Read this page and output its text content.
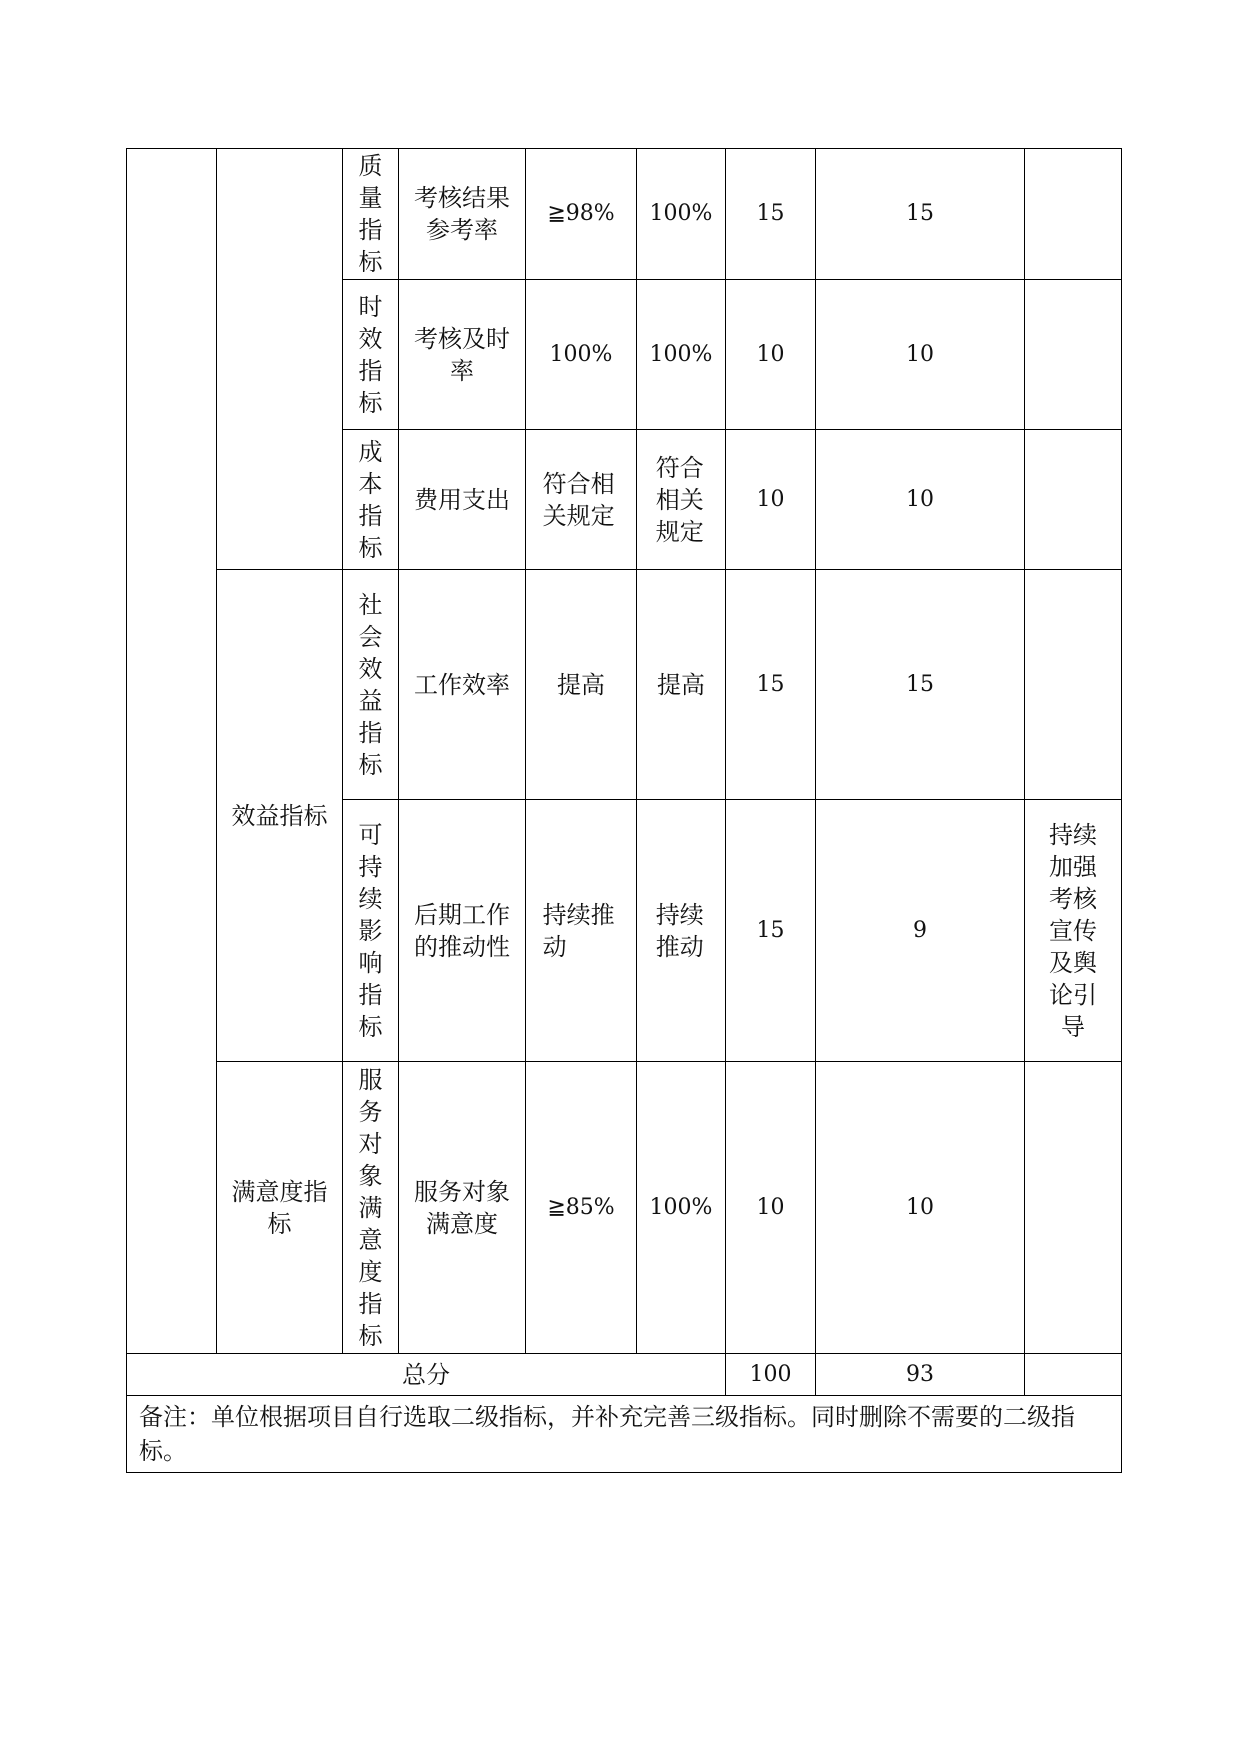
		质量指标	考核结果参考率	≧98%	100%	15	15	
		时效指标	考核及时率	100%	100%	10	10	
		成本指标	费用支出	符合相关规定	符合相关规定	10	10	
	效益指标	社会效益指标	工作效率	提高	提高	15	15	
		可持续影响指标	后期工作的推动性	持续推动	持续推动	15	9	持续加强考核宣传及舆论引导
	满意度指标	服务对象满意度指标	服务对象满意度	≧85%	100%	10	10	
总分						100	93	
备注：单位根据项目自行选取二级指标，并补充完善三级指标。同时删除不需要的二级指标。								
